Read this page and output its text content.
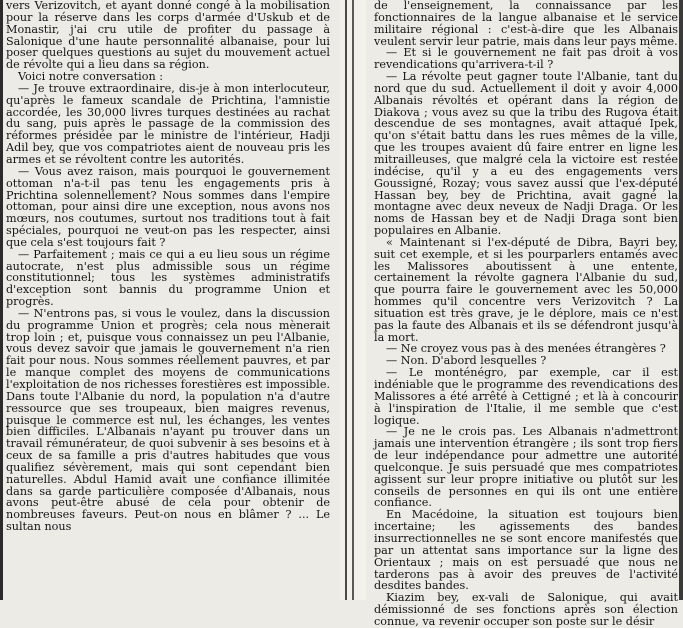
vers Verizovitch, et ayant donné congé à la mobilisation pour la réserve dans les corps d'armée d'Uskub et de Monastir, j'ai cru utile de profiter du passage à Salonique d'une haute personnalité albanaise, pour lui poser quelques questions au sujet du mouvement actuel de révolte qui a lieu dans sa région.

Voici notre conversation :

— Je trouve extraordinaire, dis-je à mon interlocuteur, qu'après le fameux scandale de Prichtina, l'amnistie accordée, les 30,000 livres turques destinées au rachat du sang, puis après le passage de la commission des réformes présidée par le ministre de l'intérieur, Hadji Adil bey, que vos compatriotes aient de nouveau pris les armes et se révoltent contre les autorités.

— Vous avez raison, mais pourquoi le gouvernement ottoman n'a-t-il pas tenu les engagements pris à Prichtina solennellement? Nous sommes dans l'empire ottoman, pour ainsi dire une exception, nous avons nos mœurs, nos coutumes, surtout nos traditions tout à fait spéciales, pourquoi ne veut-on pas les respecter, ainsi que cela s'est toujours fait ?

— Parfaitement ; mais ce qui a eu lieu sous un régime autocrate, n'est plus admissible sous un régime constitutionnel; tous les systèmes administratifs d'exception sont bannis du programme Union et progrès.

— N'entrons pas, si vous le voulez, dans la discussion du programme Union et progrès; cela nous mènerait trop loin ; et, puisque vous connaissez un peu l'Albanie, vous devez savoir que jamais le gouvernement n'a rien fait pour nous. Nous sommes réellement pauvres, et par le manque complet des moyens de communications l'exploitation de nos richesses forestières est impossible. Dans toute l'Albanie du nord, la population n'a d'autre ressource que ses troupeaux, bien maigres revenus, puisque le commerce est nul, les échanges, les ventes bien difficiles. L'Albanais n'ayant pu trouver dans un travail rémunérateur, de quoi subvenir à ses besoins et à ceux de sa famille a pris d'autres habitudes que vous qualifiez sévèrement, mais qui sont cependant bien naturelles. Abdul Hamid avait une confiance illimitée dans sa garde particulière composée d'Albanais, nous avons peut-être abusé de cela pour obtenir de nombreuses faveurs. Peut-on nous en blâmer ? ... Le sultan nous

de l'enseignement, la connaissance par les fonctionnaires de la langue albanaise et le service militaire régional : c'est-à-dire que les Albanais veulent servir leur patrie, mais dans leur pays même.

— Et si le gouvernement ne fait pas droit à vos revendications qu'arrivera-t-il ?

— La révolte peut gagner toute l'Albanie, tant du nord que du sud. Actuellement il doit y avoir 4,000 Albanais révoltés et opérant dans la région de Diakova ; vous avez su que la tribu des Rugova était descendue de ses montagnes, avait attaqué Ipek, qu'on s'était battu dans les rues mêmes de la ville, que les troupes avaient dû faire entrer en ligne les mitrailleuses, que malgré cela la victoire est restée indécise, qu'il y a eu des engagements vers Goussigné, Rozay; vous savez aussi que l'ex-député Hassan bey, bey de Prichtina, avait gagné la montagne avec deux neveux de Nadji Draga. Or les noms de Hassan bey et de Nadji Draga sont bien populaires en Albanie.

« Maintenant si l'ex-député de Dibra, Bayri bey, suit cet exemple, et si les pourparlers entamés avec les Malissores aboutissent à une entente, certainement la révolte gagnera l'Albanie du sud, que pourra faire le gouvernement avec les 50,000 hommes qu'il concentre vers Verizovitch ? La situation est très grave, je le déplore, mais ce n'est pas la faute des Albanais et ils se défendront jusqu'à la mort.

— Ne croyez vous pas à des menées étrangères ?

— Non. D'abord lesquelles ?

— Le monténégro, par exemple, car il est indéniable que le programme des revendications des Malissores a été arrêté à Cettigné ; et là à concourir à l'inspiration de l'Italie, il me semble que c'est logique.

— Je ne le crois pas. Les Albanais n'admettront jamais une intervention étrangère ; ils sont trop fiers de leur indépendance pour admettre une autorité quelconque. Je suis persuadé que mes compatriotes agissent sur leur propre initiative ou plutôt sur les conseils de personnes en qui ils ont une entière confiance.

En Macédoine, la situation est toujours bien incertaine; les agissements des bandes insurrectionnelles ne se sont encore manifestés que par un attentat sans importance sur la ligne des Orientaux ; mais on est persuadé que nous ne tarderons pas à avoir des preuves de l'activité desdites bandes.

Kiazim bey, ex-vali de Salonique, qui avait démissionné de ses fonctions après son élection connue, va revenir occuper son poste sur le désir
